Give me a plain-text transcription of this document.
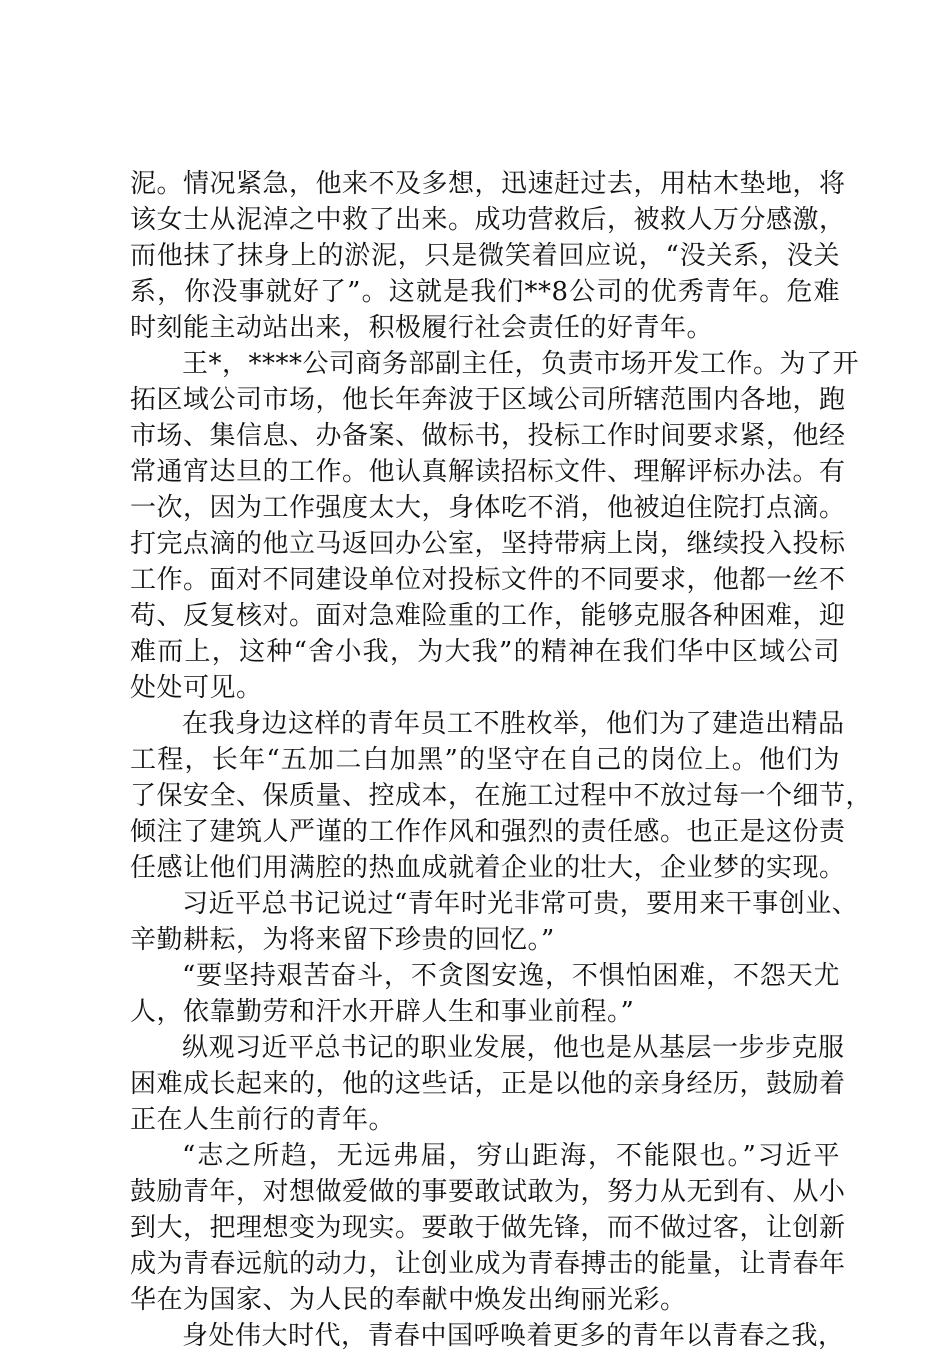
泥。情况紧急，他来不及多想，迅速赶过去，用枯木垫地，将
该女士从泥淖之中救了出来。成功营救后，被救人万分感激，
而他抹了抹身上的淤泥，只是微笑着回应说，“没关系，没关
系，你没事就好了”。这就是我们**8公司的优秀青年。危难
时刻能主动站出来，积极履行社会责任的好青年。
王*，****公司商务部副主任，负责市场开发工作。为了开
拓区域公司市场，他长年奔波于区域公司所辖范围内各地，跑
市场、集信息、办备案、做标书，投标工作时间要求紧，他经
常通宵达旦的工作。他认真解读招标文件、理解评标办法。有
一次，因为工作强度太大，身体吃不消，他被迫住院打点滴。
打完点滴的他立马返回办公室，坚持带病上岗，继续投入投标
工作。面对不同建设单位对投标文件的不同要求，他都一丝不
苟、反复核对。面对急难险重的工作，能够克服各种困难，迎
难而上，这种“舍小我，为大我”的精神在我们华中区域公司
处处可见。
在我身边这样的青年员工不胜枚举，他们为了建造出精品
工程，长年“五加二白加黑”的坚守在自己的岗位上。他们为
了保安全、保质量、控成本，在施工过程中不放过每一个细节，
倾注了建筑人严谨的工作作风和强烈的责任感。也正是这份责
任感让他们用满腔的热血成就着企业的壮大，企业梦的实现。
习近平总书记说过“青年时光非常可贵，要用来干事创业、
辛勤耕耘，为将来留下珍贵的回忆。”
“要坚持艰苦奋斗，不贪图安逸，不惧怕困难，不怨天尤
人，依靠勤劳和汗水开辟人生和事业前程。”
纵观习近平总书记的职业发展，他也是从基层一步步克服
困难成长起来的，他的这些话，正是以他的亲身经历，鼓励着
正在人生前行的青年。
“志之所趋，无远弗届，穷山距海，不能限也。”习近平
鼓励青年，对想做爱做的事要敢试敢为，努力从无到有、从小
到大，把理想变为现实。要敢于做先锋，而不做过客，让创新
成为青春远航的动力，让创业成为青春搏击的能量，让青春年
华在为国家、为人民的奉献中焕发出绚丽光彩。
身处伟大时代，青春中国呼唤着更多的青年以青春之我，
